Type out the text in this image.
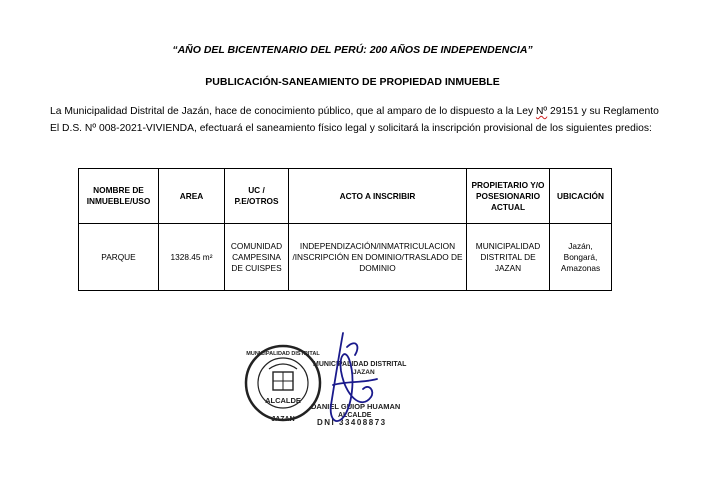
“AÑO DEL BICENTENARIO DEL PERÚ: 200 AÑOS DE INDEPENDENCIA”
PUBLICACIÓN-SANEAMIENTO DE PROPIEDAD INMUEBLE
La Municipalidad Distrital de Jazán, hace de conocimiento público, que al amparo de lo dispuesto a la Ley Nº 29151 y su Reglamento El D.S. Nº 008-2021-VIVIENDA, efectuará el saneamiento físico legal y solicitará la inscripción provisional de los siguientes predios:
NOMBRE DE INMUEBLE/USO	AREA	UC / P.E/OTROS	ACTO A INSCRIBIR	PROPIETARIO Y/O POSESIONARIO ACTUAL	UBICACIÓN
PARQUE	1328.45 m²	COMUNIDAD CAMPESINA DE CUISPES	INDEPENDIZACIÓN/INMATRICULACION /INSCRIPCIÓN EN DOMINIO/TRASLADO DE DOMINIO	MUNICIPALIDAD DISTRITAL DE JAZAN	Jazán, Bongará, Amazonas
ALCALDE
JAZAN
MUNICIPALIDAD DISTRITAL
MUNICIPALIDAD DISTRITAL
JAZAN
DANIEL GUIOP HUAMAN
ALCALDE
DNI 33408873
